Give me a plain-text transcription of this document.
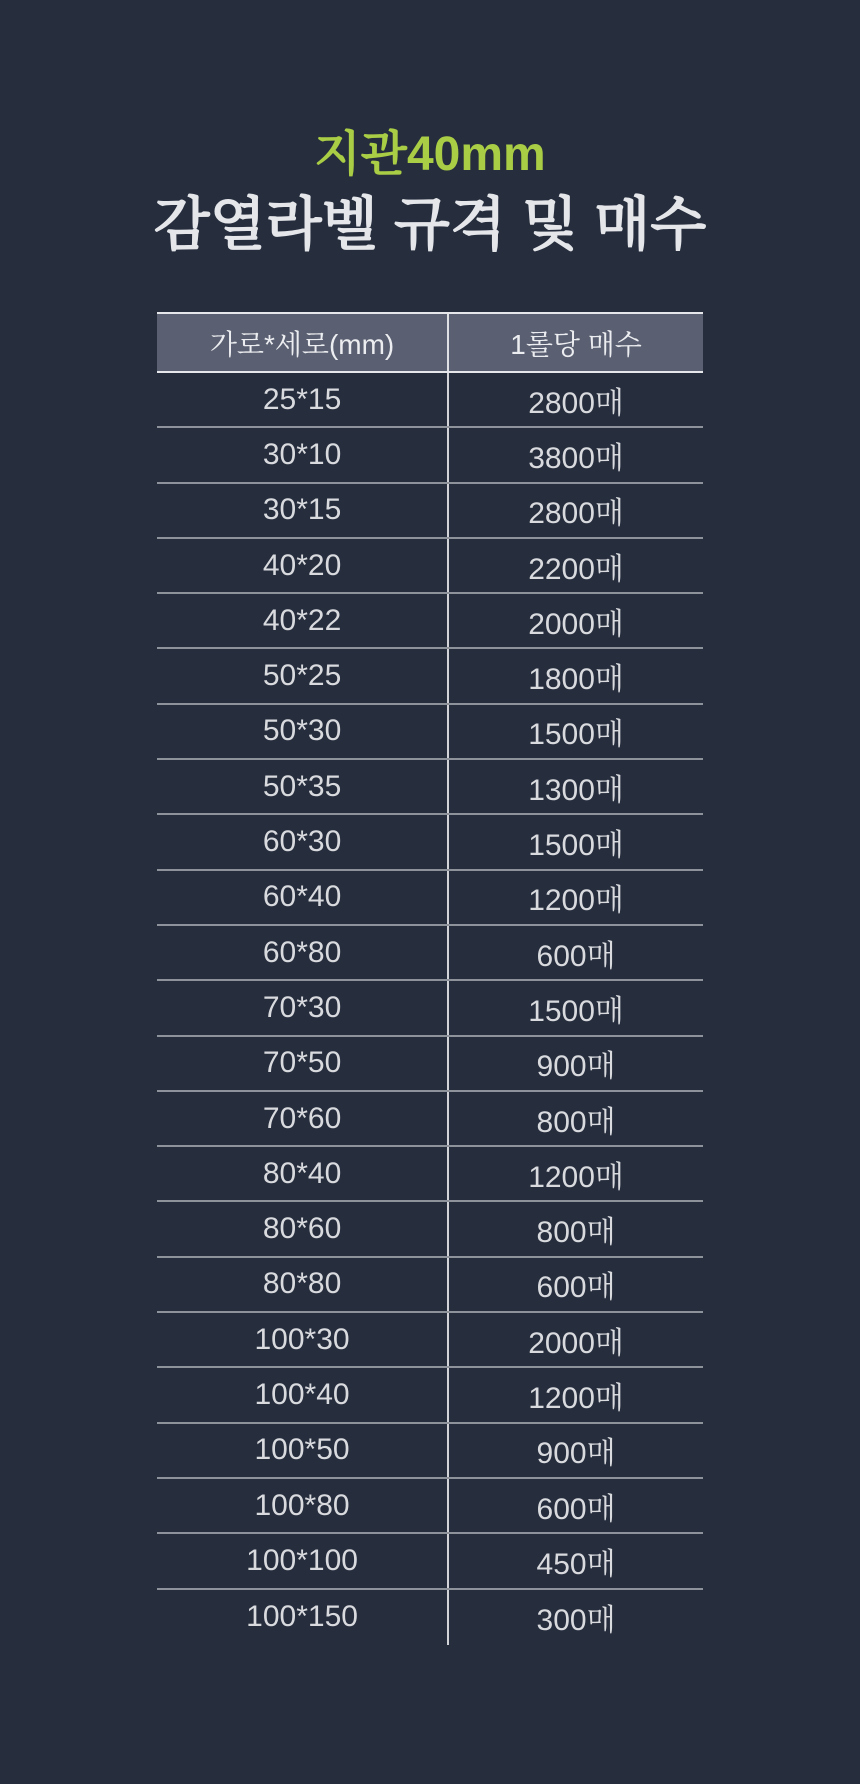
지관40mm
감열라벨 규격 및 매수
가로*세로(mm)	1롤당 매수
25*15	2800매
30*10	3800매
30*15	2800매
40*20	2200매
40*22	2000매
50*25	1800매
50*30	1500매
50*35	1300매
60*30	1500매
60*40	1200매
60*80	600매
70*30	1500매
70*50	900매
70*60	800매
80*40	1200매
80*60	800매
80*80	600매
100*30	2000매
100*40	1200매
100*50	900매
100*80	600매
100*100	450매
100*150	300매
